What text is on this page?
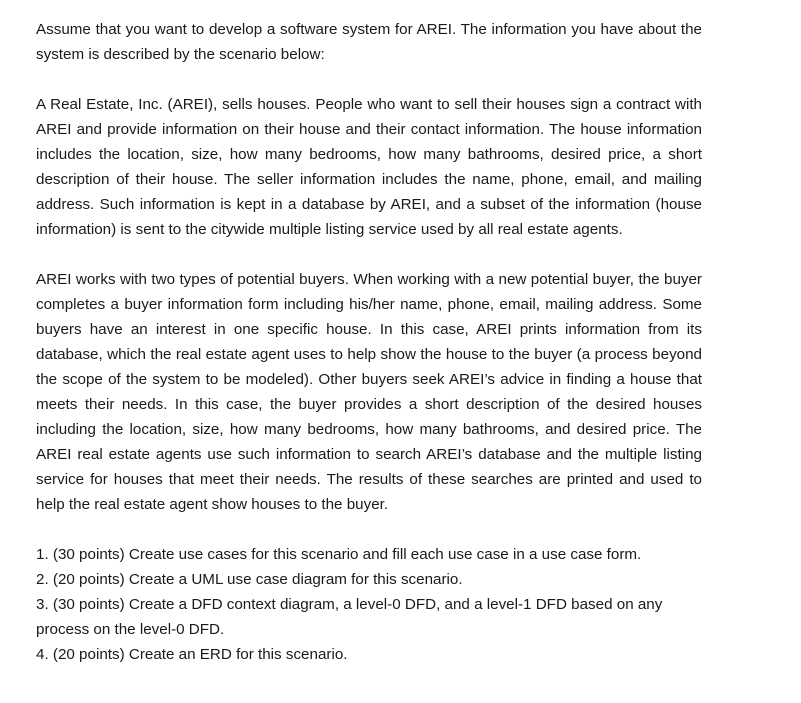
Assume that you want to develop a software system for AREI. The information you have about the system is described by the scenario below:

A Real Estate, Inc. (AREI), sells houses. People who want to sell their houses sign a contract with AREI and provide information on their house and their contact information. The house information includes the location, size, how many bedrooms, how many bathrooms, desired price, a short description of their house. The seller information includes the name, phone, email, and mailing address. Such information is kept in a database by AREI, and a subset of the information (house information) is sent to the citywide multiple listing service used by all real estate agents.

AREI works with two types of potential buyers. When working with a new potential buyer, the buyer completes a buyer information form including his/her name, phone, email, mailing address. Some buyers have an interest in one specific house. In this case, AREI prints information from its database, which the real estate agent uses to help show the house to the buyer (a process beyond the scope of the system to be modeled). Other buyers seek AREI’s advice in finding a house that meets their needs. In this case, the buyer provides a short description of the desired houses including the location, size, how many bedrooms, how many bathrooms, and desired price. The AREI real estate agents use such information to search AREI’s database and the multiple listing service for houses that meet their needs. The results of these searches are printed and used to help the real estate agent show houses to the buyer.

1. (30 points) Create use cases for this scenario and fill each use case in a use case form.
2. (20 points) Create a UML use case diagram for this scenario.
3. (30 points) Create a DFD context diagram, a level-0 DFD, and a level-1 DFD based on any process on the level-0 DFD.
4. (20 points) Create an ERD for this scenario.
